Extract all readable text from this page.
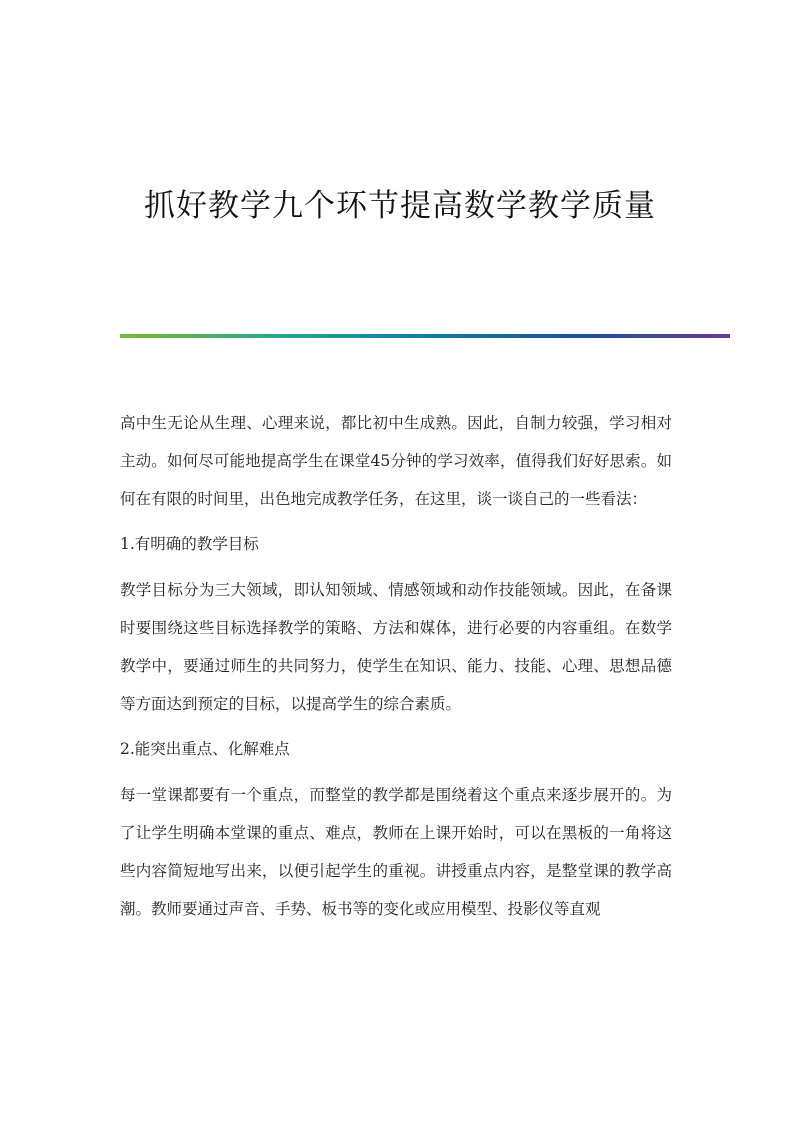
抓好教学九个环节提高数学教学质量

高中生无论从生理、心理来说，都比初中生成熟。因此，自制力较强，学习相对主动。如何尽可能地提高学生在课堂45分钟的学习效率，值得我们好好思索。如何在有限的时间里，出色地完成教学任务，在这里，谈一谈自己的一些看法：

1.有明确的教学目标

教学目标分为三大领域，即认知领域、情感领域和动作技能领域。因此，在备课时要围绕这些目标选择教学的策略、方法和媒体，进行必要的内容重组。在数学教学中，要通过师生的共同努力，使学生在知识、能力、技能、心理、思想品德等方面达到预定的目标，以提高学生的综合素质。

2.能突出重点、化解难点

每一堂课都要有一个重点，而整堂的教学都是围绕着这个重点来逐步展开的。为了让学生明确本堂课的重点、难点，教师在上课开始时，可以在黑板的一角将这些内容简短地写出来，以便引起学生的重视。讲授重点内容，是整堂课的教学高潮。教师要通过声音、手势、板书等的变化或应用模型、投影仪等直观
